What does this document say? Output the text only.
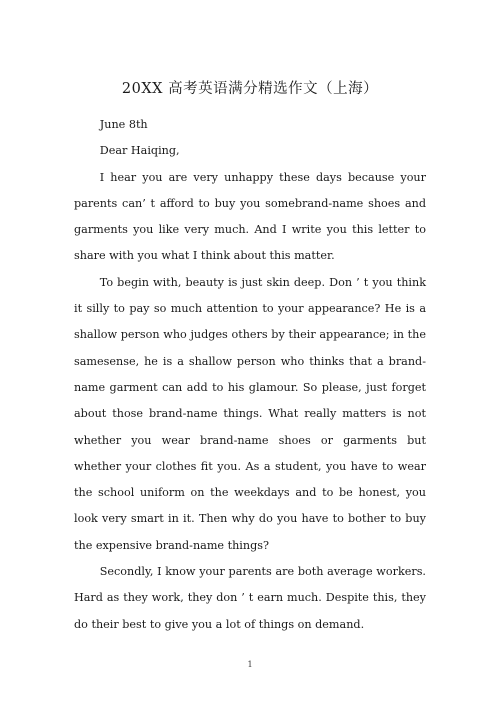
20XX 高考英语满分精选作文（上海）

June 8th

Dear Haiqing,

I hear you are very unhappy these days because your parents can’ t afford to buy you somebrand-name shoes and garments you like very much. And I write you this letter to share with you what I think about this matter.

To begin with, beauty is just skin deep. Don ’ t you think it silly to pay so much attention to your appearance? He is a shallow person who judges others by their appearance; in the samesense, he is a shallow person who thinks that a brand-name garment can add to his glamour. So please, just forget about those brand-name things. What really matters is not whether you wear brand-name shoes or garments but whether your clothes fit you. As a student, you have to wear the school uniform on the weekdays and to be honest, you look very smart in it. Then why do you have to bother to buy the expensive brand-name things?

Secondly, I know your parents are both average workers. Hard as they work, they don ’ t earn much. Despite this, they do their best to give you a lot of things on demand.

1
